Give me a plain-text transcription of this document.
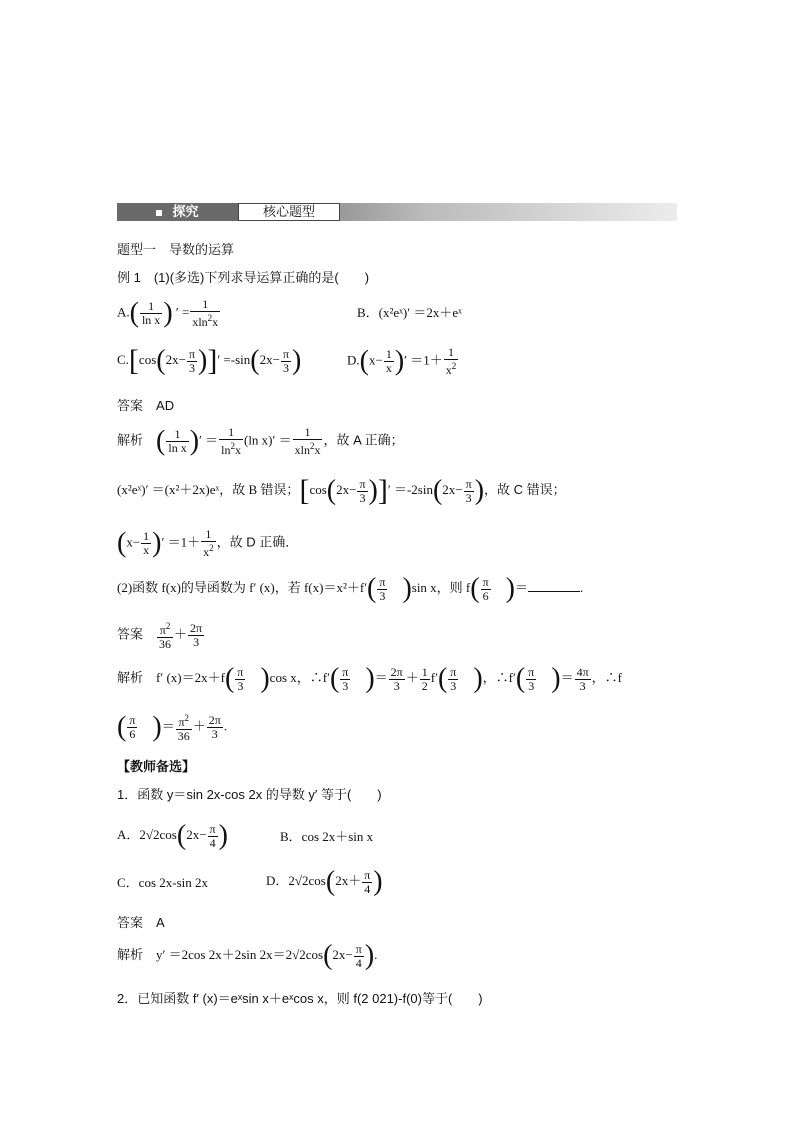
探究	核心题型
题型一　导数的运算
例 1　(1)(多选)下列求导运算正确的是(　　)
$A.( \frac{1}{\text{ln x}}$ ) ′ = $\frac{1}{xln^2x}$	B．(x²eˣ)′ ＝2x＋eˣ
$C.[\cos(2x- \frac{\pi}{3}$ )]′ $=-\sin(2x- \frac{\pi}{3}$ )	$D.(x- \frac{1}{x}$ )′ $=1+ \frac{1}{x^2}$
答案　 AD
解析　 ( $\frac{1}{\text{ln x}}$ )′ ＝ $\frac{1}{\ln^2x} (\ln$ $x)' = \frac{1}{xln^2x}$ ，故 A 正确；
(x²eˣ)′ ＝(x²＋2x)eˣ，故 B 错误；[$\cos(2x- \frac{\pi}{3}$ )]′ $=-2\sin(2x- \frac{\pi}{3}$ )，故 C 错误；
($x- \frac{1}{x}$ )′ $=1+ \frac{1}{x^2}$ ，故 D 正确．
(2)函数 f(x)的导函数为 f′ (x)，若 $f(x)=x^2+f'( \frac{\pi}{3} )\sin$ x，则 $f( \frac{\pi}{6}$ )＝	.
答案　 $\frac{\pi^2}{36} + \frac{2\pi}{3}$
解析　 f′ $(x)=2x+f( \frac{\pi}{3} )\cos$ x，∴f′( $\frac{\pi}{3}$ )＝ $\frac{2\pi}{3} + \frac{1}{2} f'( \frac{\pi}{3}$ )，∴f′( $\frac{\pi}{3}$ )＝ $\frac{4\pi}{3}$ ，∴f
( $\frac{\pi}{6}$ )＝ $\frac{\pi^2}{36} + \frac{2\pi}{3}$ .
【教师备选】
1．函数 y＝sin 2x-cos 2x 的导数 y′ 等于(　　)
A．$2√2\cos(2x- \frac{\pi}{4}$ )	B．cos 2x＋sin x
C．cos 2x-sin 2x	D．$2√2\cos(2x+ \frac{\pi}{4}$ )
答案　 A
解析　 y′ ＝2cos 2x＋2sin $2x=2√2\cos(2x- \frac{\pi}{4}$ ).
2．已知函数 f′ (x)＝eˣsin x＋eˣcos x，则 f(2 021)-f(0)等于(　　)
